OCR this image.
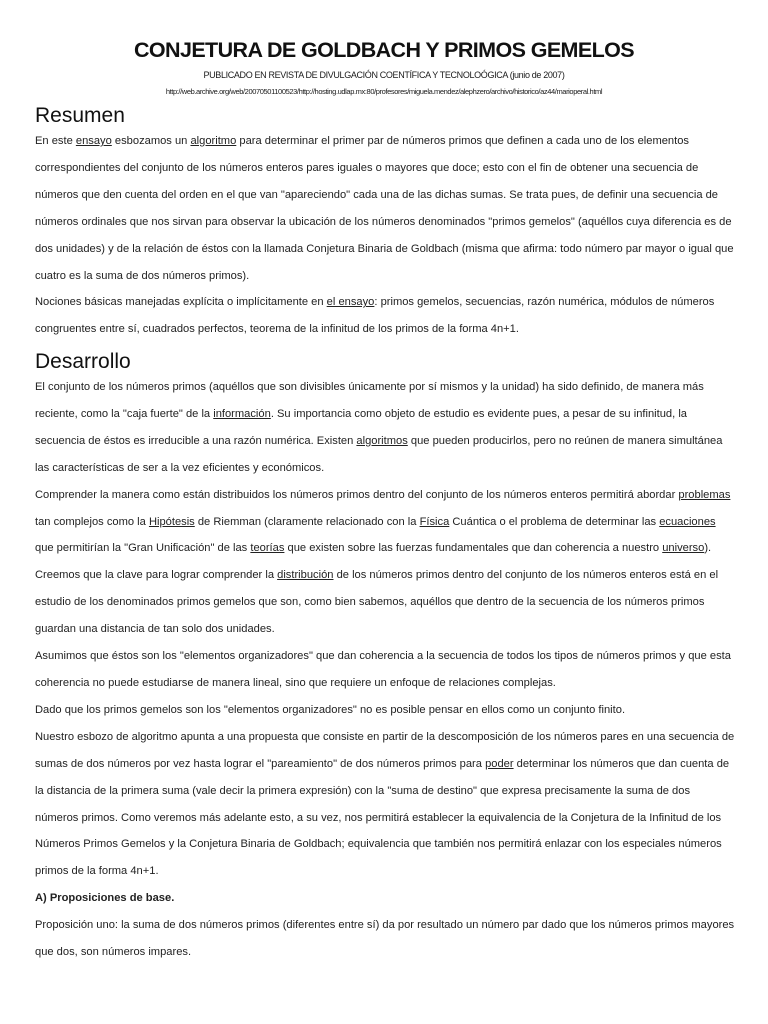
CONJETURA DE GOLDBACH Y PRIMOS GEMELOS
PUBLICADO EN REVISTA DE DIVULGACIÓN COENTÍFICA Y TECNOLOÓGICA (junio de 2007)
http://web.archive.org/web/20070501100523/http://hosting.udlap.mx:80/profesores/miguela.mendez/alephzero/archivo/historico/az44/marioperal.html
Resumen

En este ensayo esbozamos un algoritmo para determinar el primer par de números primos que definen a cada uno de los elementos correspondientes del conjunto de los números enteros pares iguales o mayores que doce; esto con el fin de obtener una secuencia de números que den cuenta del orden en el que van "apareciendo" cada una de las dichas sumas. Se trata pues, de definir una secuencia de números ordinales que nos sirvan para observar la ubicación de los números denominados "primos gemelos" (aquéllos cuya diferencia es de dos unidades) y de la relación de éstos con la llamada Conjetura Binaria de Goldbach (misma que afirma: todo número par mayor o igual que cuatro es la suma de dos números primos).

Nociones básicas manejadas explícita o implícitamente en el ensayo: primos gemelos, secuencias, razón numérica, módulos de números congruentes entre sí, cuadrados perfectos, teorema de la infinitud de los primos de la forma 4n+1.

Desarrollo

El conjunto de los números primos (aquéllos que son divisibles únicamente por sí mismos y la unidad) ha sido definido, de manera más reciente, como la "caja fuerte" de la información. Su importancia como objeto de estudio es evidente pues, a pesar de su infinitud, la secuencia de éstos es irreducible a una razón numérica. Existen algoritmos que pueden producirlos, pero no reúnen de manera simultánea las características de ser a la vez eficientes y económicos.

Comprender la manera como están distribuidos los números primos dentro del conjunto de los números enteros permitirá abordar problemas tan complejos como la Hipótesis de Riemman (claramente relacionado con la Física Cuántica o el problema de determinar las ecuaciones que permitirían la "Gran Unificación" de las teorías que existen sobre las fuerzas fundamentales que dan coherencia a nuestro universo).

Creemos que la clave para lograr comprender la distribución de los números primos dentro del conjunto de los números enteros está en el estudio de los denominados primos gemelos que son, como bien sabemos, aquéllos que dentro de la secuencia de los números primos guardan una distancia de tan solo dos unidades.

Asumimos que éstos son los "elementos organizadores" que dan coherencia a la secuencia de todos los tipos de números primos y que esta coherencia no puede estudiarse de manera lineal, sino que requiere un enfoque de relaciones complejas.

Dado que los primos gemelos son los "elementos organizadores" no es posible pensar en ellos como un conjunto finito.

Nuestro esbozo de algoritmo apunta a una propuesta que consiste en partir de la descomposición de los números pares en una secuencia de sumas de dos números por vez hasta lograr el "pareamiento" de dos números primos para poder determinar los números que dan cuenta de la distancia de la primera suma (vale decir la primera expresión) con la "suma de destino" que expresa precisamente la suma de dos números primos. Como veremos más adelante esto, a su vez, nos permitirá establecer la equivalencia de la Conjetura de la Infinitud de los Números Primos Gemelos y la Conjetura Binaria de Goldbach; equivalencia que también nos permitirá enlazar con los especiales números primos de la forma 4n+1.

A) Proposiciones de base.

Proposición uno: la suma de dos números primos (diferentes entre sí) da por resultado un número par dado que los números primos mayores que dos, son números impares.
